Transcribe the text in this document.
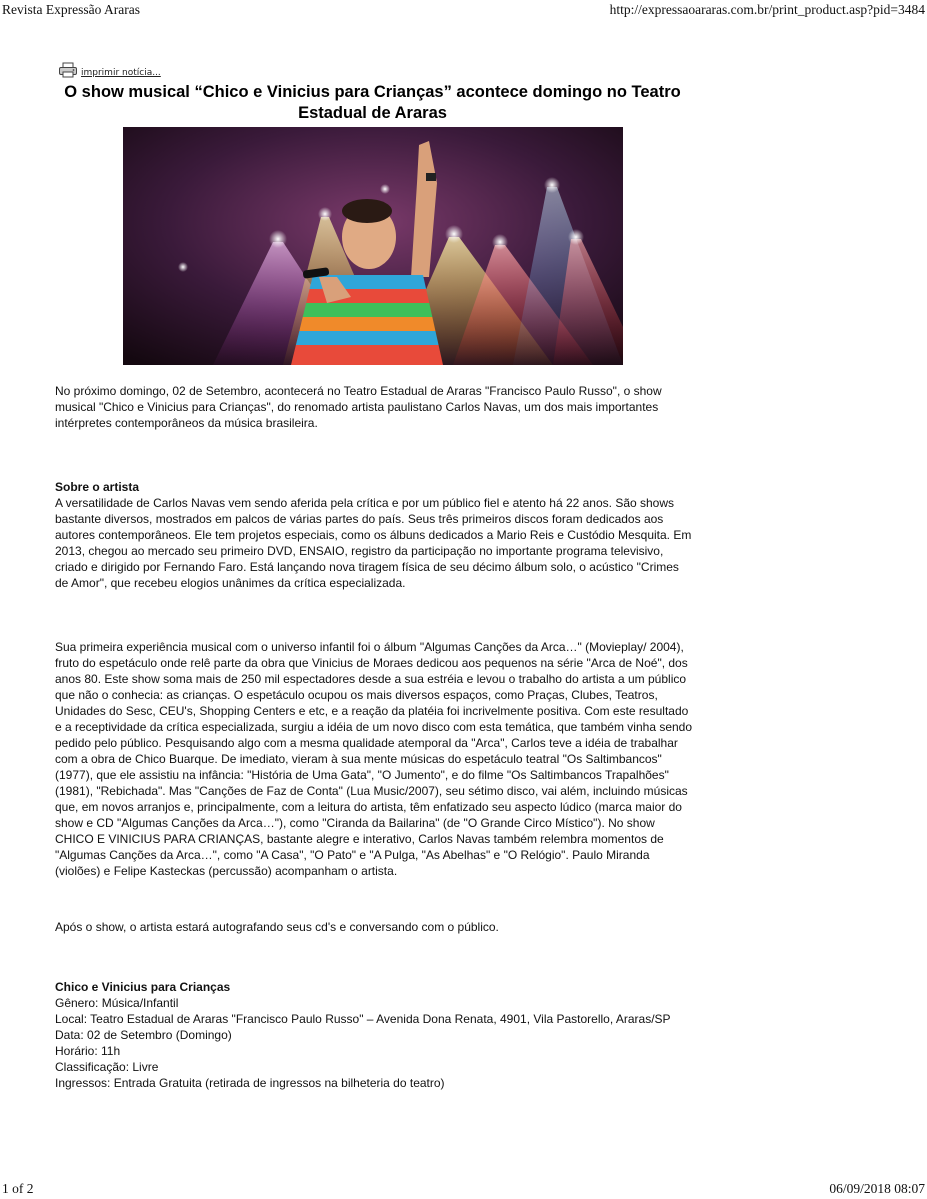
Revista Expressão Araras	http://expressaoararas.com.br/print_product.asp?pid=3484
imprimir notícia...
O show musical “Chico e Vinicius para Crianças” acontece domingo no Teatro Estadual de Araras

No próximo domingo, 02 de Setembro, acontecerá no Teatro Estadual de Araras "Francisco Paulo Russo", o show musical "Chico e Vinicius para Crianças", do renomado artista paulistano Carlos Navas, um dos mais importantes intérpretes contemporâneos da música brasileira.

Sobre o artista

A versatilidade de Carlos Navas vem sendo aferida pela crítica e por um público fiel e atento há 22 anos. São shows bastante diversos, mostrados em palcos de várias partes do país. Seus três primeiros discos foram dedicados aos autores contemporâneos. Ele tem projetos especiais, como os álbuns dedicados a Mario Reis e Custódio Mesquita. Em 2013, chegou ao mercado seu primeiro DVD, ENSAIO, registro da participação no importante programa televisivo, criado e dirigido por Fernando Faro. Está lançando nova tiragem física de seu décimo álbum solo, o acústico "Crimes de Amor", que recebeu elogios unânimes da crítica especializada.

Sua primeira experiência musical com o universo infantil foi o álbum "Algumas Canções da Arca…" (Movieplay/ 2004), fruto do espetáculo onde relê parte da obra que Vinicius de Moraes dedicou aos pequenos na série "Arca de Noé", dos anos 80. Este show soma mais de 250 mil espectadores desde a sua estréia e levou o trabalho do artista a um público que não o conhecia: as crianças. O espetáculo ocupou os mais diversos espaços, como Praças, Clubes, Teatros, Unidades do Sesc, CEU's, Shopping Centers e etc, e a reação da platéia foi incrivelmente positiva. Com este resultado e a receptividade da crítica especializada, surgiu a idéia de um novo disco com esta temática, que também vinha sendo pedido pelo público. Pesquisando algo com a mesma qualidade atemporal da "Arca", Carlos teve a idéia de trabalhar com a obra de Chico Buarque. De imediato, vieram à sua mente músicas do espetáculo teatral "Os Saltimbancos" (1977), que ele assistiu na infância: "História de Uma Gata", "O Jumento", e do filme "Os Saltimbancos Trapalhões" (1981), "Rebichada". Mas "Canções de Faz de Conta" (Lua Music/2007), seu sétimo disco, vai além, incluindo músicas que, em novos arranjos e, principalmente, com a leitura do artista, têm enfatizado seu aspecto lúdico (marca maior do show e CD "Algumas Canções da Arca…"), como "Ciranda da Bailarina" (de "O Grande Circo Místico"). No show CHICO E VINICIUS PARA CRIANÇAS, bastante alegre e interativo, Carlos Navas também relembra momentos de "Algumas Canções da Arca…", como "A Casa", "O Pato" e "A Pulga, "As Abelhas" e "O Relógio". Paulo Miranda (violões) e Felipe Kasteckas (percussão) acompanham o artista.

Após o show, o artista estará autografando seus cd's e conversando com o público.

Chico e Vinicius para Crianças

Gênero: Música/Infantil

Local: Teatro Estadual de Araras "Francisco Paulo Russo" – Avenida Dona Renata, 4901, Vila Pastorello, Araras/SP

Data: 02 de Setembro (Domingo)

Horário: 11h

Classificação: Livre

Ingressos: Entrada Gratuita (retirada de ingressos na bilheteria do teatro)

1 of 2	06/09/2018 08:07
